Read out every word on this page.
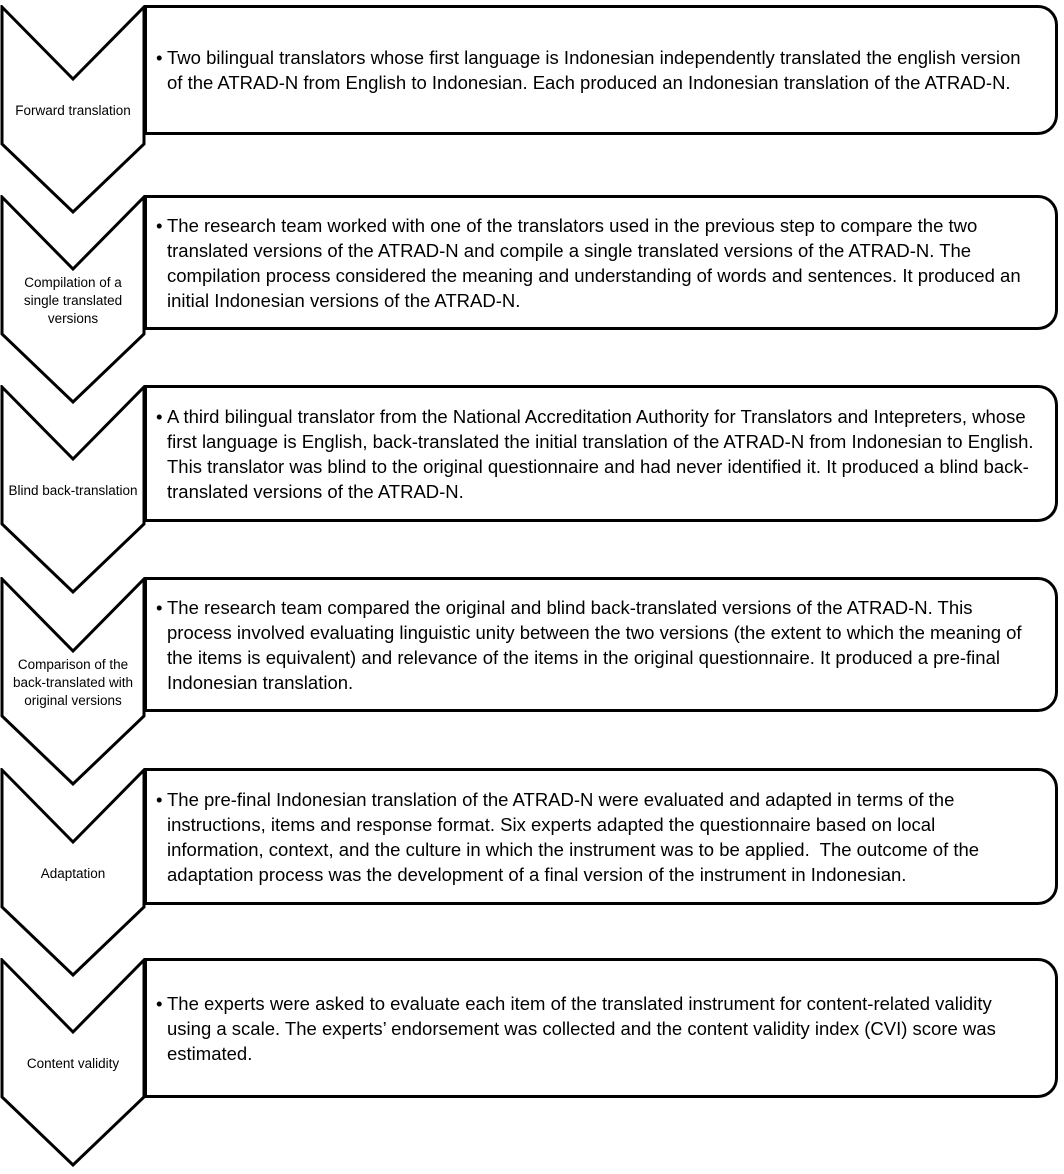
Forward translation
• Two bilingual translators whose first language is Indonesian independently translated the english version of the ATRAD-N from English to Indonesian. Each produced an Indonesian translation of the ATRAD-N.
Compilation of a single translated versions
• The research team worked with one of the translators used in the previous step to compare the two translated versions of the ATRAD-N and compile a single translated versions of the ATRAD-N. The compilation process considered the meaning and understanding of words and sentences. It produced an initial Indonesian versions of the ATRAD-N.
Blind back-translation
• A third bilingual translator from the National Accreditation Authority for Translators and Intepreters, whose first language is English, back-translated the initial translation of the ATRAD-N from Indonesian to English. This translator was blind to the original questionnaire and had never identified it. It produced a blind back-translated versions of the ATRAD-N.
Comparison of the back-translated with original versions
• The research team compared the original and blind back-translated versions of the ATRAD-N. This process involved evaluating linguistic unity between the two versions (the extent to which the meaning of the items is equivalent) and relevance of the items in the original questionnaire. It produced a pre-final Indonesian translation.
Adaptation
• The pre-final Indonesian translation of the ATRAD-N were evaluated and adapted in terms of the instructions, items and response format. Six experts adapted the questionnaire based on local information, context, and the culture in which the instrument was to be applied.  The outcome of the adaptation process was the development of a final version of the instrument in Indonesian.
Content validity
• The experts were asked to evaluate each item of the translated instrument for content-related validity using a scale. The experts’ endorsement was collected and the content validity index (CVI) score was estimated.
